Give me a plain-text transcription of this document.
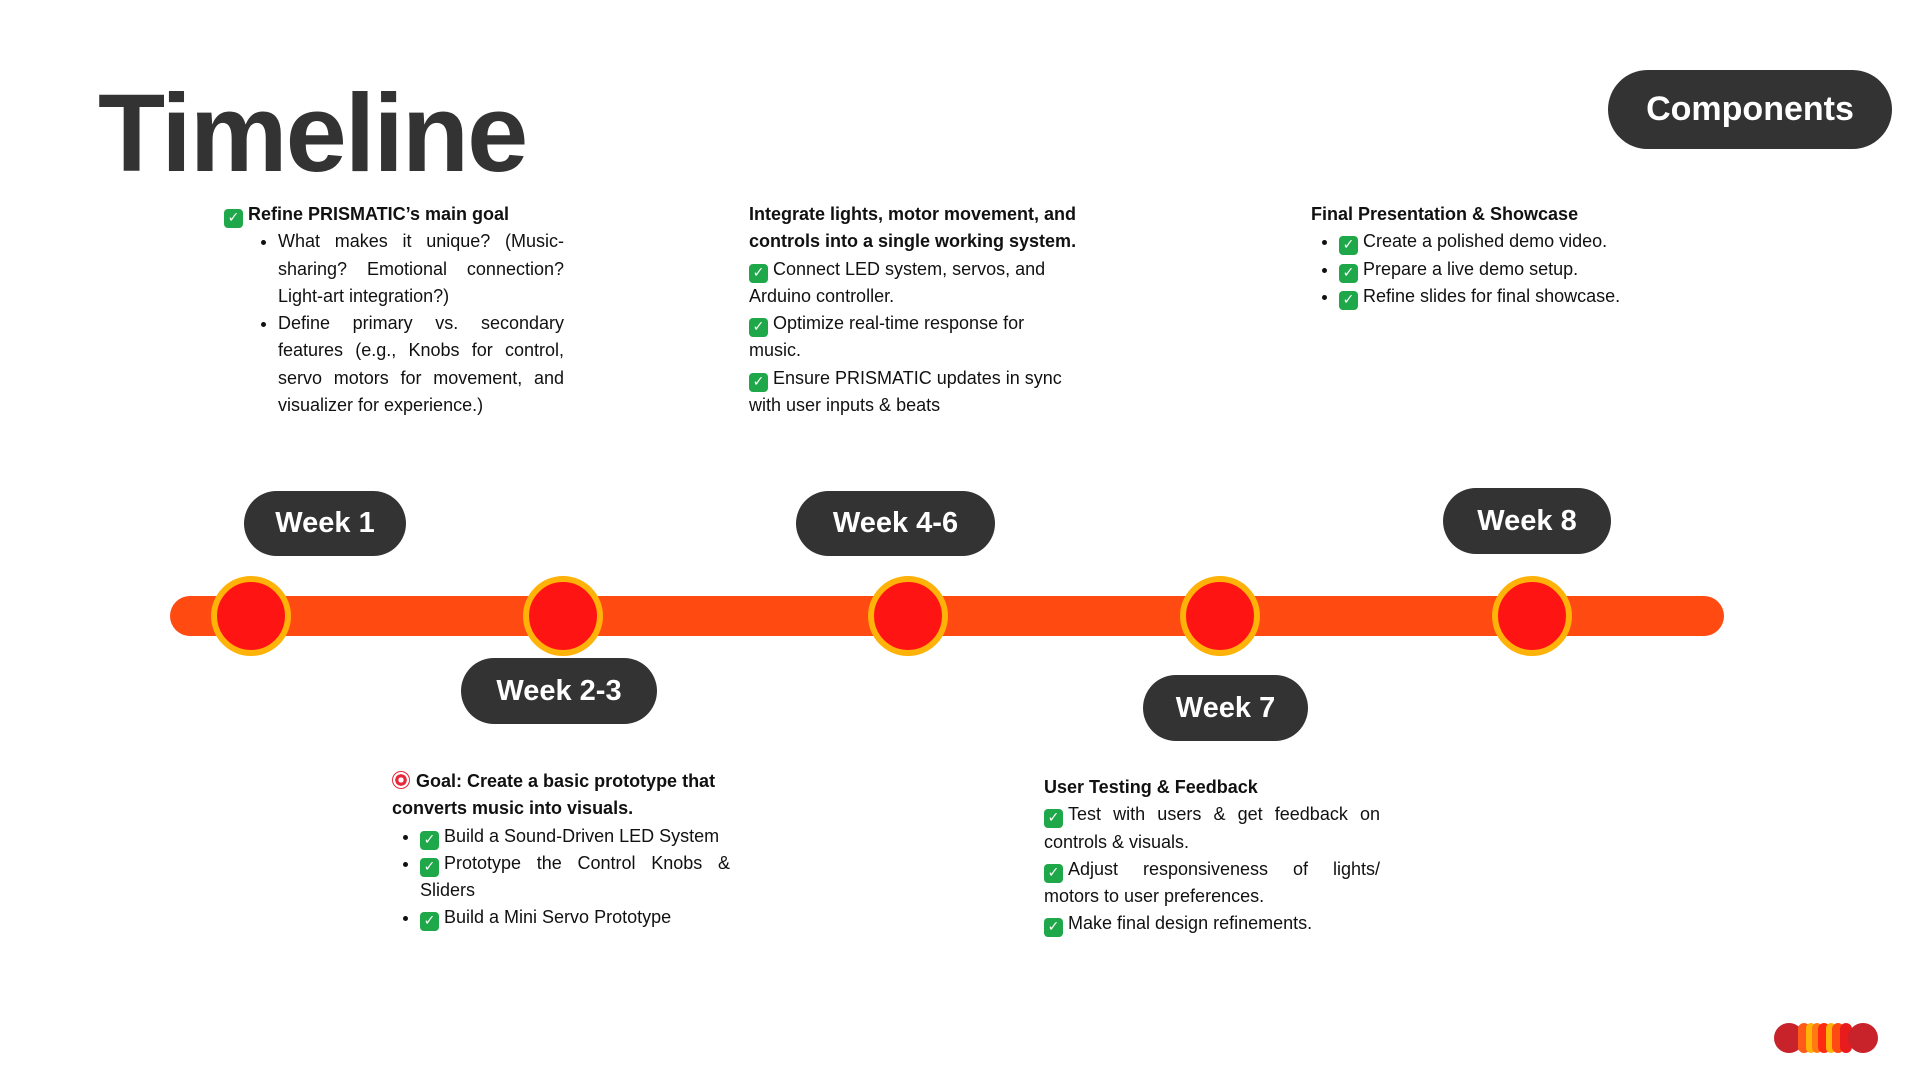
Timeline	Components
Week 1
Week 2-3
Week 4-6
Week 7
Week 8
✓ Refine PRISMATIC’s main goal
• What makes it unique? (Music-sharing? Emotional connection? Light-art integration?)
• Define primary vs. secondary features (e.g., Knobs for control, servo motors for movement, and visualizer for experience.)
Goal: Create a basic prototype that converts music into visuals.
• ✓ Build a Sound-Driven LED System
• ✓ Prototype the Control Knobs & Sliders
• ✓ Build a Mini Servo Prototype
Integrate lights, motor movement, and controls into a single working system.
✓ Connect LED system, servos, and Arduino controller.
✓ Optimize real-time response for music.
✓ Ensure PRISMATIC updates in sync with user inputs & beats
User Testing & Feedback
✓ Test with users & get feedback on controls & visuals.
✓ Adjust responsiveness of lights/ motors to user preferences.
✓ Make final design refinements.
Final Presentation & Showcase
• ✓ Create a polished demo video.
• ✓ Prepare a live demo setup.
• ✓ Refine slides for final showcase.
